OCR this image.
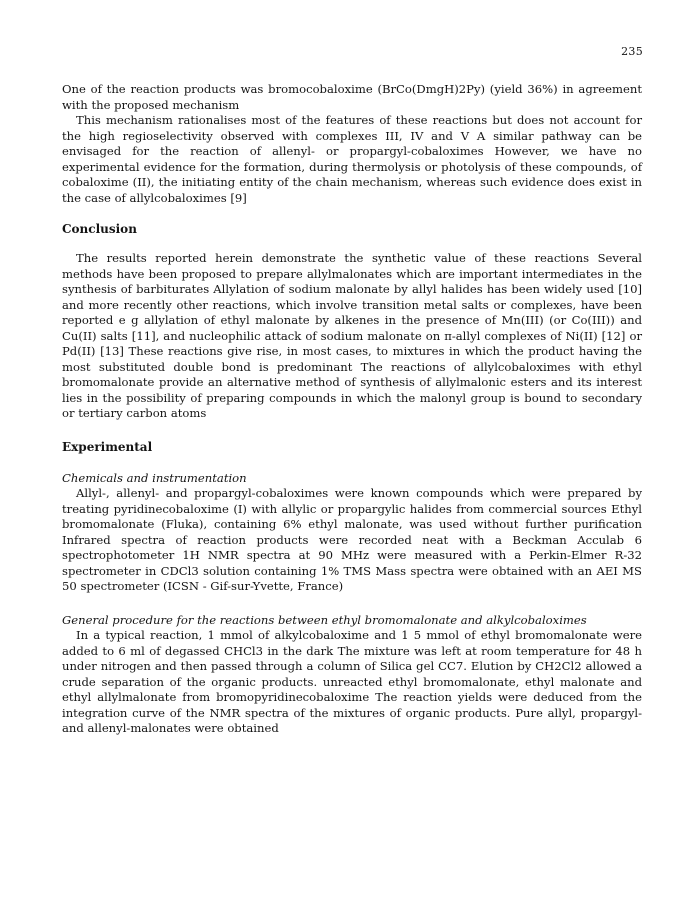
235

One of the reaction products was bromocobaloxime (BrCo(DmgH)2Py) (yield 36%) in agreement with the proposed mechanism

This mechanism rationalises most of the features of these reactions but does not account for the high regioselectivity observed with complexes III, IV and V A similar pathway can be envisaged for the reaction of allenyl- or propargyl-cobaloximes However, we have no experimental evidence for the formation, during thermolysis or photolysis of these compounds, of cobaloxime (II), the initiating entity of the chain mechanism, whereas such evidence does exist in the case of allylcobaloximes [9]

Conclusion

The results reported herein demonstrate the synthetic value of these reactions Several methods have been proposed to prepare allylmalonates which are important intermediates in the synthesis of barbiturates Allylation of sodium malonate by allyl halides has been widely used [10] and more recently other reactions, which involve transition metal salts or complexes, have been reported e g allylation of ethyl malonate by alkenes in the presence of Mn(III) (or Co(III)) and Cu(II) salts [11], and nucleophilic attack of sodium malonate on π-allyl complexes of Ni(II) [12] or Pd(II) [13] These reactions give rise, in most cases, to mixtures in which the product having the most substituted double bond is predominant The reactions of allylcobaloximes with ethyl bromomalonate provide an alternative method of synthesis of allylmalonic esters and its interest lies in the possibility of preparing compounds in which the malonyl group is bound to secondary or tertiary carbon atoms

Experimental
Chemicals and instrumentation

Allyl-, allenyl- and propargyl-cobaloximes were known compounds which were prepared by treating pyridinecobaloxime (I) with allylic or propargylic halides from commercial sources Ethyl bromomalonate (Fluka), containing 6% ethyl malonate, was used without further purification Infrared spectra of reaction products were recorded neat with a Beckman Acculab 6 spectrophotometer 1H NMR spectra at 90 MHz were measured with a Perkin-Elmer R-32 spectrometer in CDCl3 solution containing 1% TMS Mass spectra were obtained with an AEI MS 50 spectrometer (ICSN - Gif-sur-Yvette, France)

General procedure for the reactions between ethyl bromomalonate and alkylcobaloximes

In a typical reaction, 1 mmol of alkylcobaloxime and 1 5 mmol of ethyl bromomalonate were added to 6 ml of degassed CHCl3 in the dark The mixture was left at room temperature for 48 h under nitrogen and then passed through a column of Silica gel CC7. Elution by CH2Cl2 allowed a crude separation of the organic products. unreacted ethyl bromomalonate, ethyl malonate and ethyl allylmalonate from bromopyridinecobaloxime The reaction yields were deduced from the integration curve of the NMR spectra of the mixtures of organic products. Pure allyl, propargyl- and allenyl-malonates were obtained
